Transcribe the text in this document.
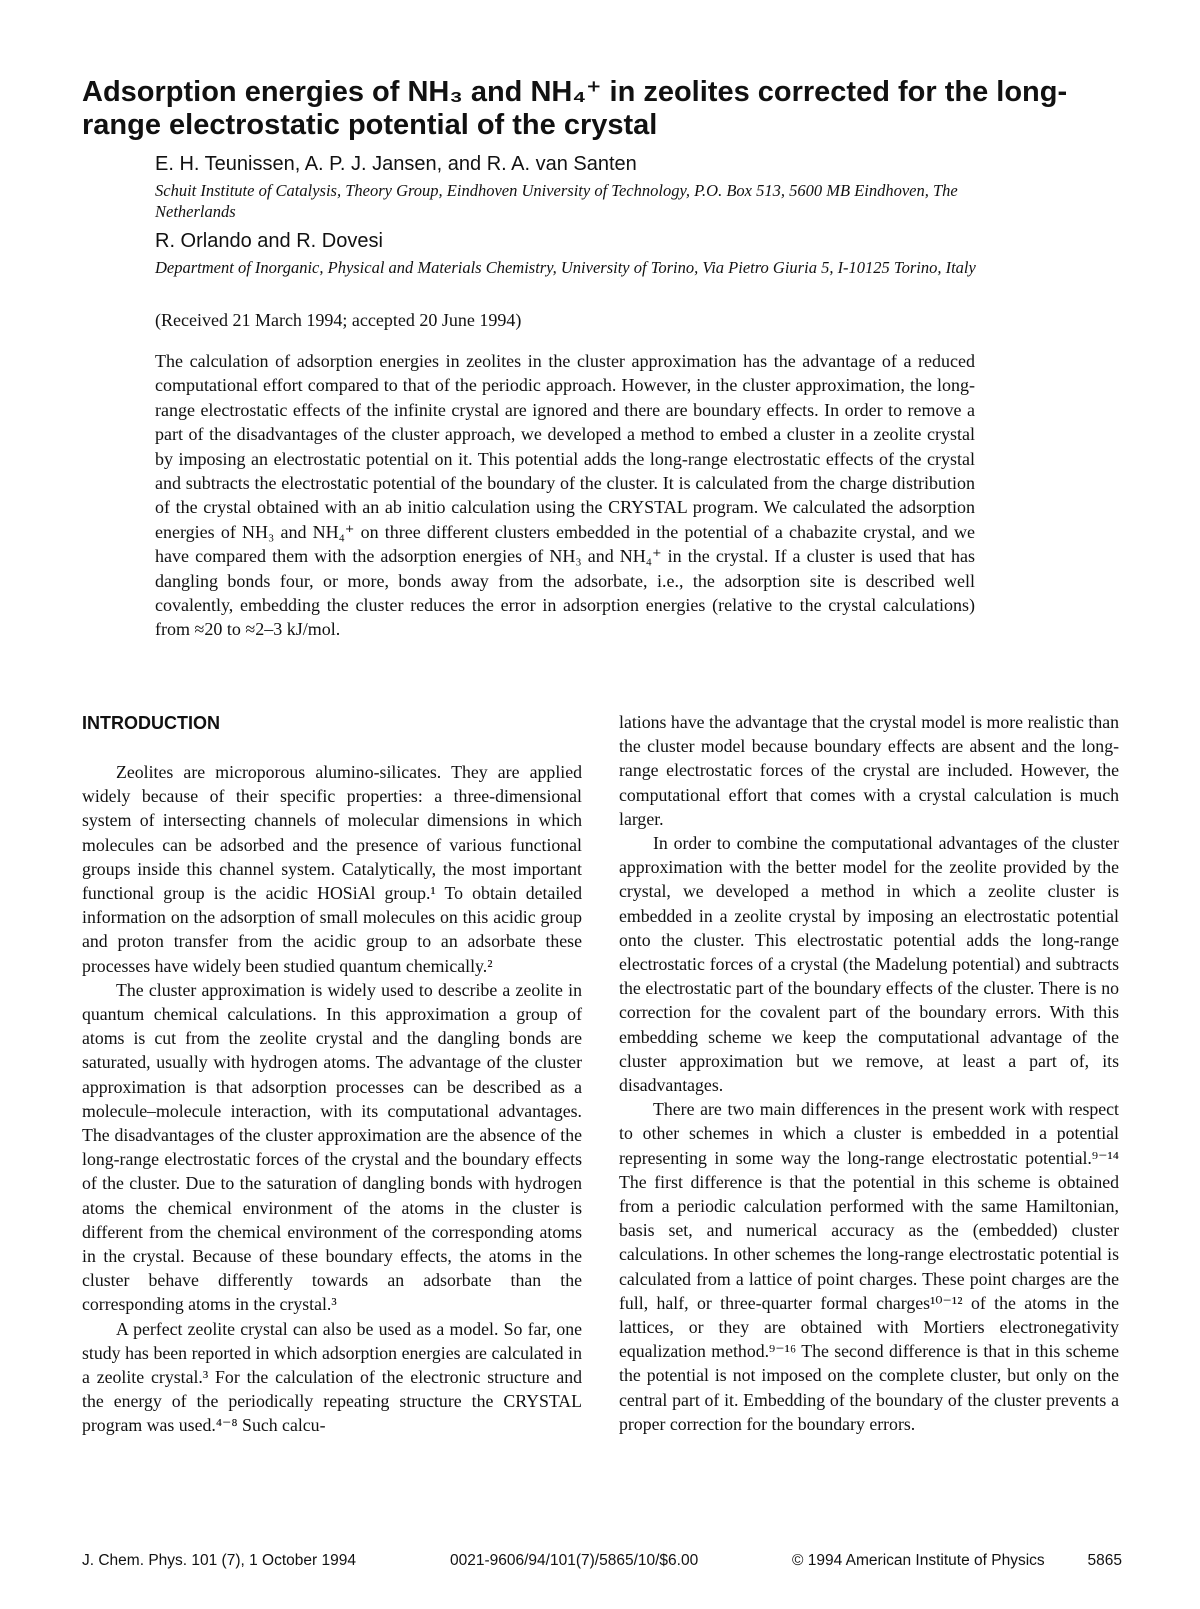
Adsorption energies of NH₃ and NH₄⁺ in zeolites corrected for the long-range electrostatic potential of the crystal
E. H. Teunissen, A. P. J. Jansen, and R. A. van Santen
Schuit Institute of Catalysis, Theory Group, Eindhoven University of Technology, P.O. Box 513, 5600 MB Eindhoven, The Netherlands
R. Orlando and R. Dovesi
Department of Inorganic, Physical and Materials Chemistry, University of Torino, Via Pietro Giuria 5, I-10125 Torino, Italy
(Received 21 March 1994; accepted 20 June 1994)

The calculation of adsorption energies in zeolites in the cluster approximation has the advantage of a reduced computational effort compared to that of the periodic approach. However, in the cluster approximation, the long-range electrostatic effects of the infinite crystal are ignored and there are boundary effects. In order to remove a part of the disadvantages of the cluster approach, we developed a method to embed a cluster in a zeolite crystal by imposing an electrostatic potential on it. This potential adds the long-range electrostatic effects of the crystal and subtracts the electrostatic potential of the boundary of the cluster. It is calculated from the charge distribution of the crystal obtained with an ab initio calculation using the CRYSTAL program. We calculated the adsorption energies of NH₃ and NH₄⁺ on three different clusters embedded in the potential of a chabazite crystal, and we have compared them with the adsorption energies of NH₃ and NH₄⁺ in the crystal. If a cluster is used that has dangling bonds four, or more, bonds away from the adsorbate, i.e., the adsorption site is described well covalently, embedding the cluster reduces the error in adsorption energies (relative to the crystal calculations) from ≈20 to ≈2–3 kJ/mol.

INTRODUCTION

Zeolites are microporous alumino-silicates. They are applied widely because of their specific properties: a three-dimensional system of intersecting channels of molecular dimensions in which molecules can be adsorbed and the presence of various functional groups inside this channel system. Catalytically, the most important functional group is the acidic HOSiAl group.¹ To obtain detailed information on the adsorption of small molecules on this acidic group and proton transfer from the acidic group to an adsorbate these processes have widely been studied quantum chemically.²

The cluster approximation is widely used to describe a zeolite in quantum chemical calculations. In this approximation a group of atoms is cut from the zeolite crystal and the dangling bonds are saturated, usually with hydrogen atoms. The advantage of the cluster approximation is that adsorption processes can be described as a molecule–molecule interaction, with its computational advantages. The disadvantages of the cluster approximation are the absence of the long-range electrostatic forces of the crystal and the boundary effects of the cluster. Due to the saturation of dangling bonds with hydrogen atoms the chemical environment of the atoms in the cluster is different from the chemical environment of the corresponding atoms in the crystal. Because of these boundary effects, the atoms in the cluster behave differently towards an adsorbate than the corresponding atoms in the crystal.³

A perfect zeolite crystal can also be used as a model. So far, one study has been reported in which adsorption energies are calculated in a zeolite crystal.³ For the calculation of the electronic structure and the energy of the periodically repeating structure the CRYSTAL program was used.⁴⁻⁸ Such calcu-

lations have the advantage that the crystal model is more realistic than the cluster model because boundary effects are absent and the long-range electrostatic forces of the crystal are included. However, the computational effort that comes with a crystal calculation is much larger.

In order to combine the computational advantages of the cluster approximation with the better model for the zeolite provided by the crystal, we developed a method in which a zeolite cluster is embedded in a zeolite crystal by imposing an electrostatic potential onto the cluster. This electrostatic potential adds the long-range electrostatic forces of a crystal (the Madelung potential) and subtracts the electrostatic part of the boundary effects of the cluster. There is no correction for the covalent part of the boundary errors. With this embedding scheme we keep the computational advantage of the cluster approximation but we remove, at least a part of, its disadvantages.

There are two main differences in the present work with respect to other schemes in which a cluster is embedded in a potential representing in some way the long-range electrostatic potential.⁹⁻¹⁴ The first difference is that the potential in this scheme is obtained from a periodic calculation performed with the same Hamiltonian, basis set, and numerical accuracy as the (embedded) cluster calculations. In other schemes the long-range electrostatic potential is calculated from a lattice of point charges. These point charges are the full, half, or three-quarter formal charges¹⁰⁻¹² of the atoms in the lattices, or they are obtained with Mortiers electronegativity equalization method.⁹⁻¹⁶ The second difference is that in this scheme the potential is not imposed on the complete cluster, but only on the central part of it. Embedding of the boundary of the cluster prevents a proper correction for the boundary errors.

J. Chem. Phys. 101 (7), 1 October 1994	0021-9606/94/101(7)/5865/10/$6.00	© 1994 American Institute of Physics	5865
